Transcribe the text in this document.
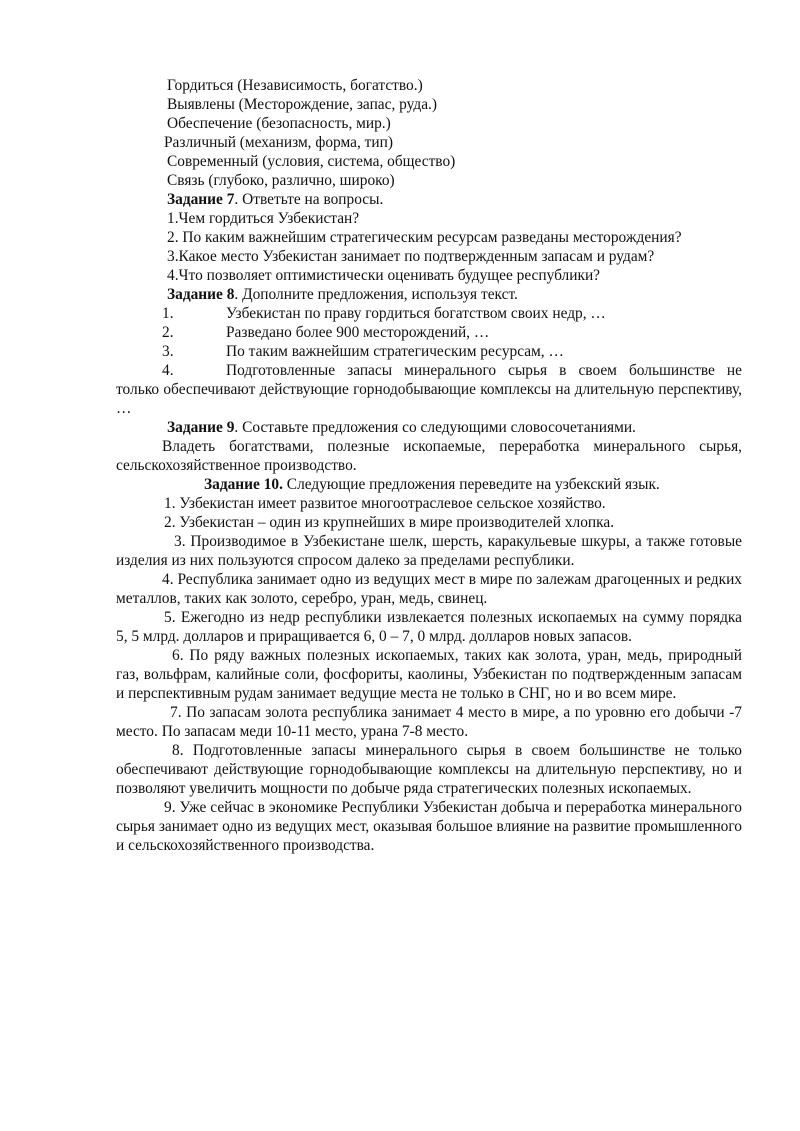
Гордиться (Независимость, богатство.)
Выявлены (Месторождение, запас, руда.)
Обеспечение (безопасность, мир.)
Различный (механизм, форма, тип)
Современный (условия, система, общество)
Связь (глубоко, различно, широко)
Задание 7. Ответьте на вопросы.
1.Чем гордиться Узбекистан?
2. По каким важнейшим стратегическим ресурсам разведаны месторождения?
3.Какое место Узбекистан занимает по подтвержденным запасам и рудам?
4.Что позволяет оптимистически оценивать будущее республики?
Задание 8. Дополните предложения, используя текст.
1.	Узбекистан по праву гордиться богатством своих недр, …
2.	Разведано более 900 месторождений, …
3.	По таким важнейшим стратегическим ресурсам, …
4.	Подготовленные запасы минерального сырья в своем большинстве не
только обеспечивают действующие горнодобывающие комплексы на длительную перспективу, …
Задание 9. Составьте предложения со следующими словосочетаниями.
Владеть богатствами, полезные ископаемые, переработка минерального сырья, сельскохозяйственное производство.
Задание 10. Следующие предложения переведите на узбекский язык.
1. Узбекистан имеет развитое многоотраслевое сельское хозяйство.
2. Узбекистан – один из крупнейших в мире производителей хлопка.
3. Производимое в Узбекистане шелк, шерсть, каракульевые шкуры, а также готовые изделия из них пользуются спросом далеко за пределами республики.
4. Республика занимает одно из ведущих мест в мире по залежам драгоценных и редких металлов, таких как золото, серебро, уран, медь, свинец.
5. Ежегодно из недр республики извлекается полезных ископаемых на сумму порядка 5, 5 млрд. долларов и приращивается 6, 0 – 7, 0 млрд. долларов новых запасов.
6. По ряду важных полезных ископаемых, таких как золота, уран, медь, природный газ, вольфрам, калийные соли, фосфориты, каолины, Узбекистан по подтвержденным запасам и перспективным рудам занимает ведущие места не только в СНГ, но и во всем мире.
7. По запасам золота республика занимает 4 место в мире, а по уровню его добычи -7 место. По запасам меди 10-11 место, урана 7-8 место.
8. Подготовленные запасы минерального сырья в своем большинстве не только обеспечивают действующие горнодобывающие комплексы на длительную перспективу, но и позволяют увеличить мощности по добыче ряда стратегических полезных ископаемых.
9. Уже сейчас в экономике Республики Узбекистан добыча и переработка минерального сырья занимает одно из ведущих мест, оказывая большое влияние на развитие промышленного и сельскохозяйственного производства.
